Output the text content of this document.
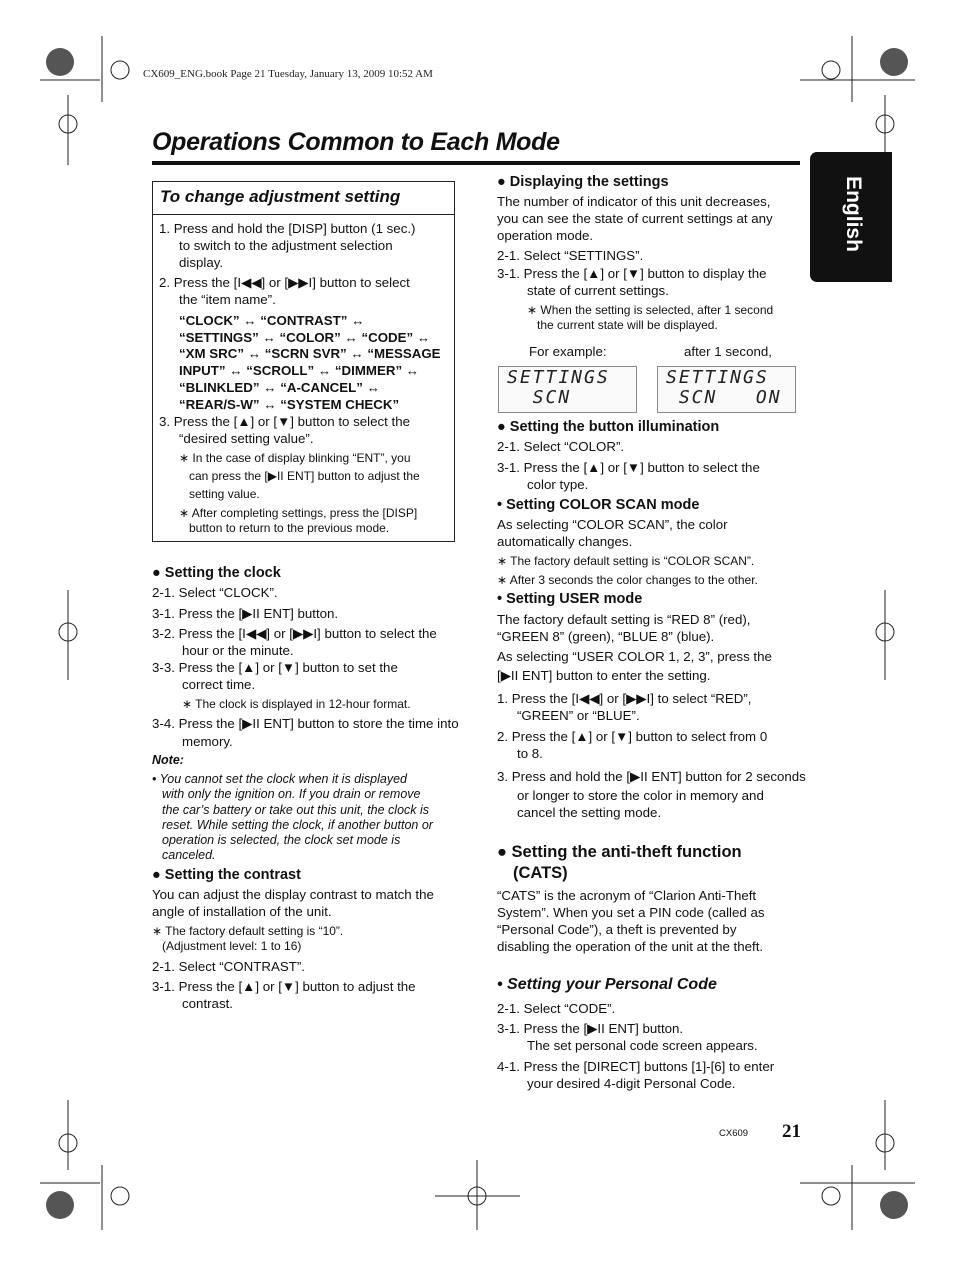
CX609_ENG.book Page 21 Tuesday, January 13, 2009 10:52 AM
Operations Common to Each Mode
English
To change adjustment setting
1. Press and hold the [DISP] button (1 sec.)
to switch to the adjustment selection
display.
2. Press the [I◀◀] or [▶▶I] button to select
the “item name”.
“CLOCK” ↔ “CONTRAST” ↔
“SETTINGS” ↔ “COLOR” ↔ “CODE” ↔
“XM SRC” ↔ “SCRN SVR” ↔ “MESSAGE
INPUT” ↔ “SCROLL” ↔ “DIMMER” ↔
“BLINKLED” ↔ “A-CANCEL” ↔
“REAR/S-W” ↔ “SYSTEM CHECK”
3. Press the [▲] or [▼] button to select the
“desired setting value”.
∗ In the case of display blinking “ENT”, you
can press the [▶II ENT] button to adjust the
setting value.
∗ After completing settings, press the [DISP]
button to return to the previous mode.
● Setting the clock
2-1. Select “CLOCK”.
3-1. Press the [▶II ENT] button.
3-2. Press the [I◀◀] or [▶▶I] button to select the
hour or the minute.
3-3. Press the [▲] or [▼] button to set the
correct time.
∗ The clock is displayed in 12-hour format.
3-4. Press the [▶II ENT] button to store the time into
memory.
Note:
• You cannot set the clock when it is displayed
with only the ignition on. If you drain or remove
the car’s battery or take out this unit, the clock is
reset. While setting the clock, if another button or
operation is selected, the clock set mode is
canceled.
● Setting the contrast
You can adjust the display contrast to match the
angle of installation of the unit.
∗ The factory default setting is “10”.
(Adjustment level: 1 to 16)
2-1. Select “CONTRAST”.
3-1. Press the [▲] or [▼] button to adjust the
contrast.
● Displaying the settings
The number of indicator of this unit decreases,
you can see the state of current settings at any
operation mode.
2-1. Select “SETTINGS”.
3-1. Press the [▲] or [▼] button to display the
state of current settings.
∗ When the setting is selected, after 1 second
the current state will be displayed.
For example:	after 1 second,
SETTINGS
SCN
SETTINGS
SCN   ON
● Setting the button illumination
2-1. Select “COLOR”.
3-1. Press the [▲] or [▼] button to select the
color type.
• Setting COLOR SCAN mode
As selecting “COLOR SCAN”, the color
automatically changes.
∗ The factory default setting is “COLOR SCAN”.
∗ After 3 seconds the color changes to the other.
• Setting USER mode
The factory default setting is “RED 8” (red),
“GREEN 8” (green), “BLUE 8” (blue).
As selecting “USER COLOR 1, 2, 3”, press the
[▶II ENT] button to enter the setting.
1. Press the [I◀◀] or [▶▶I] to select “RED”,
“GREEN” or “BLUE”.
2. Press the [▲] or [▼] button to select from 0
to 8.
3. Press and hold the [▶II ENT] button for 2 seconds
or longer to store the color in memory and
cancel the setting mode.
● Setting the anti-theft function
(CATS)
“CATS” is the acronym of “Clarion Anti-Theft
System”. When you set a PIN code (called as
“Personal Code”), a theft is prevented by
disabling the operation of the unit at the theft.
• Setting your Personal Code
2-1. Select “CODE”.
3-1. Press the [▶II ENT] button.
The set personal code screen appears.
4-1. Press the [DIRECT] buttons [1]-[6] to enter
your desired 4-digit Personal Code.
CX609 21
